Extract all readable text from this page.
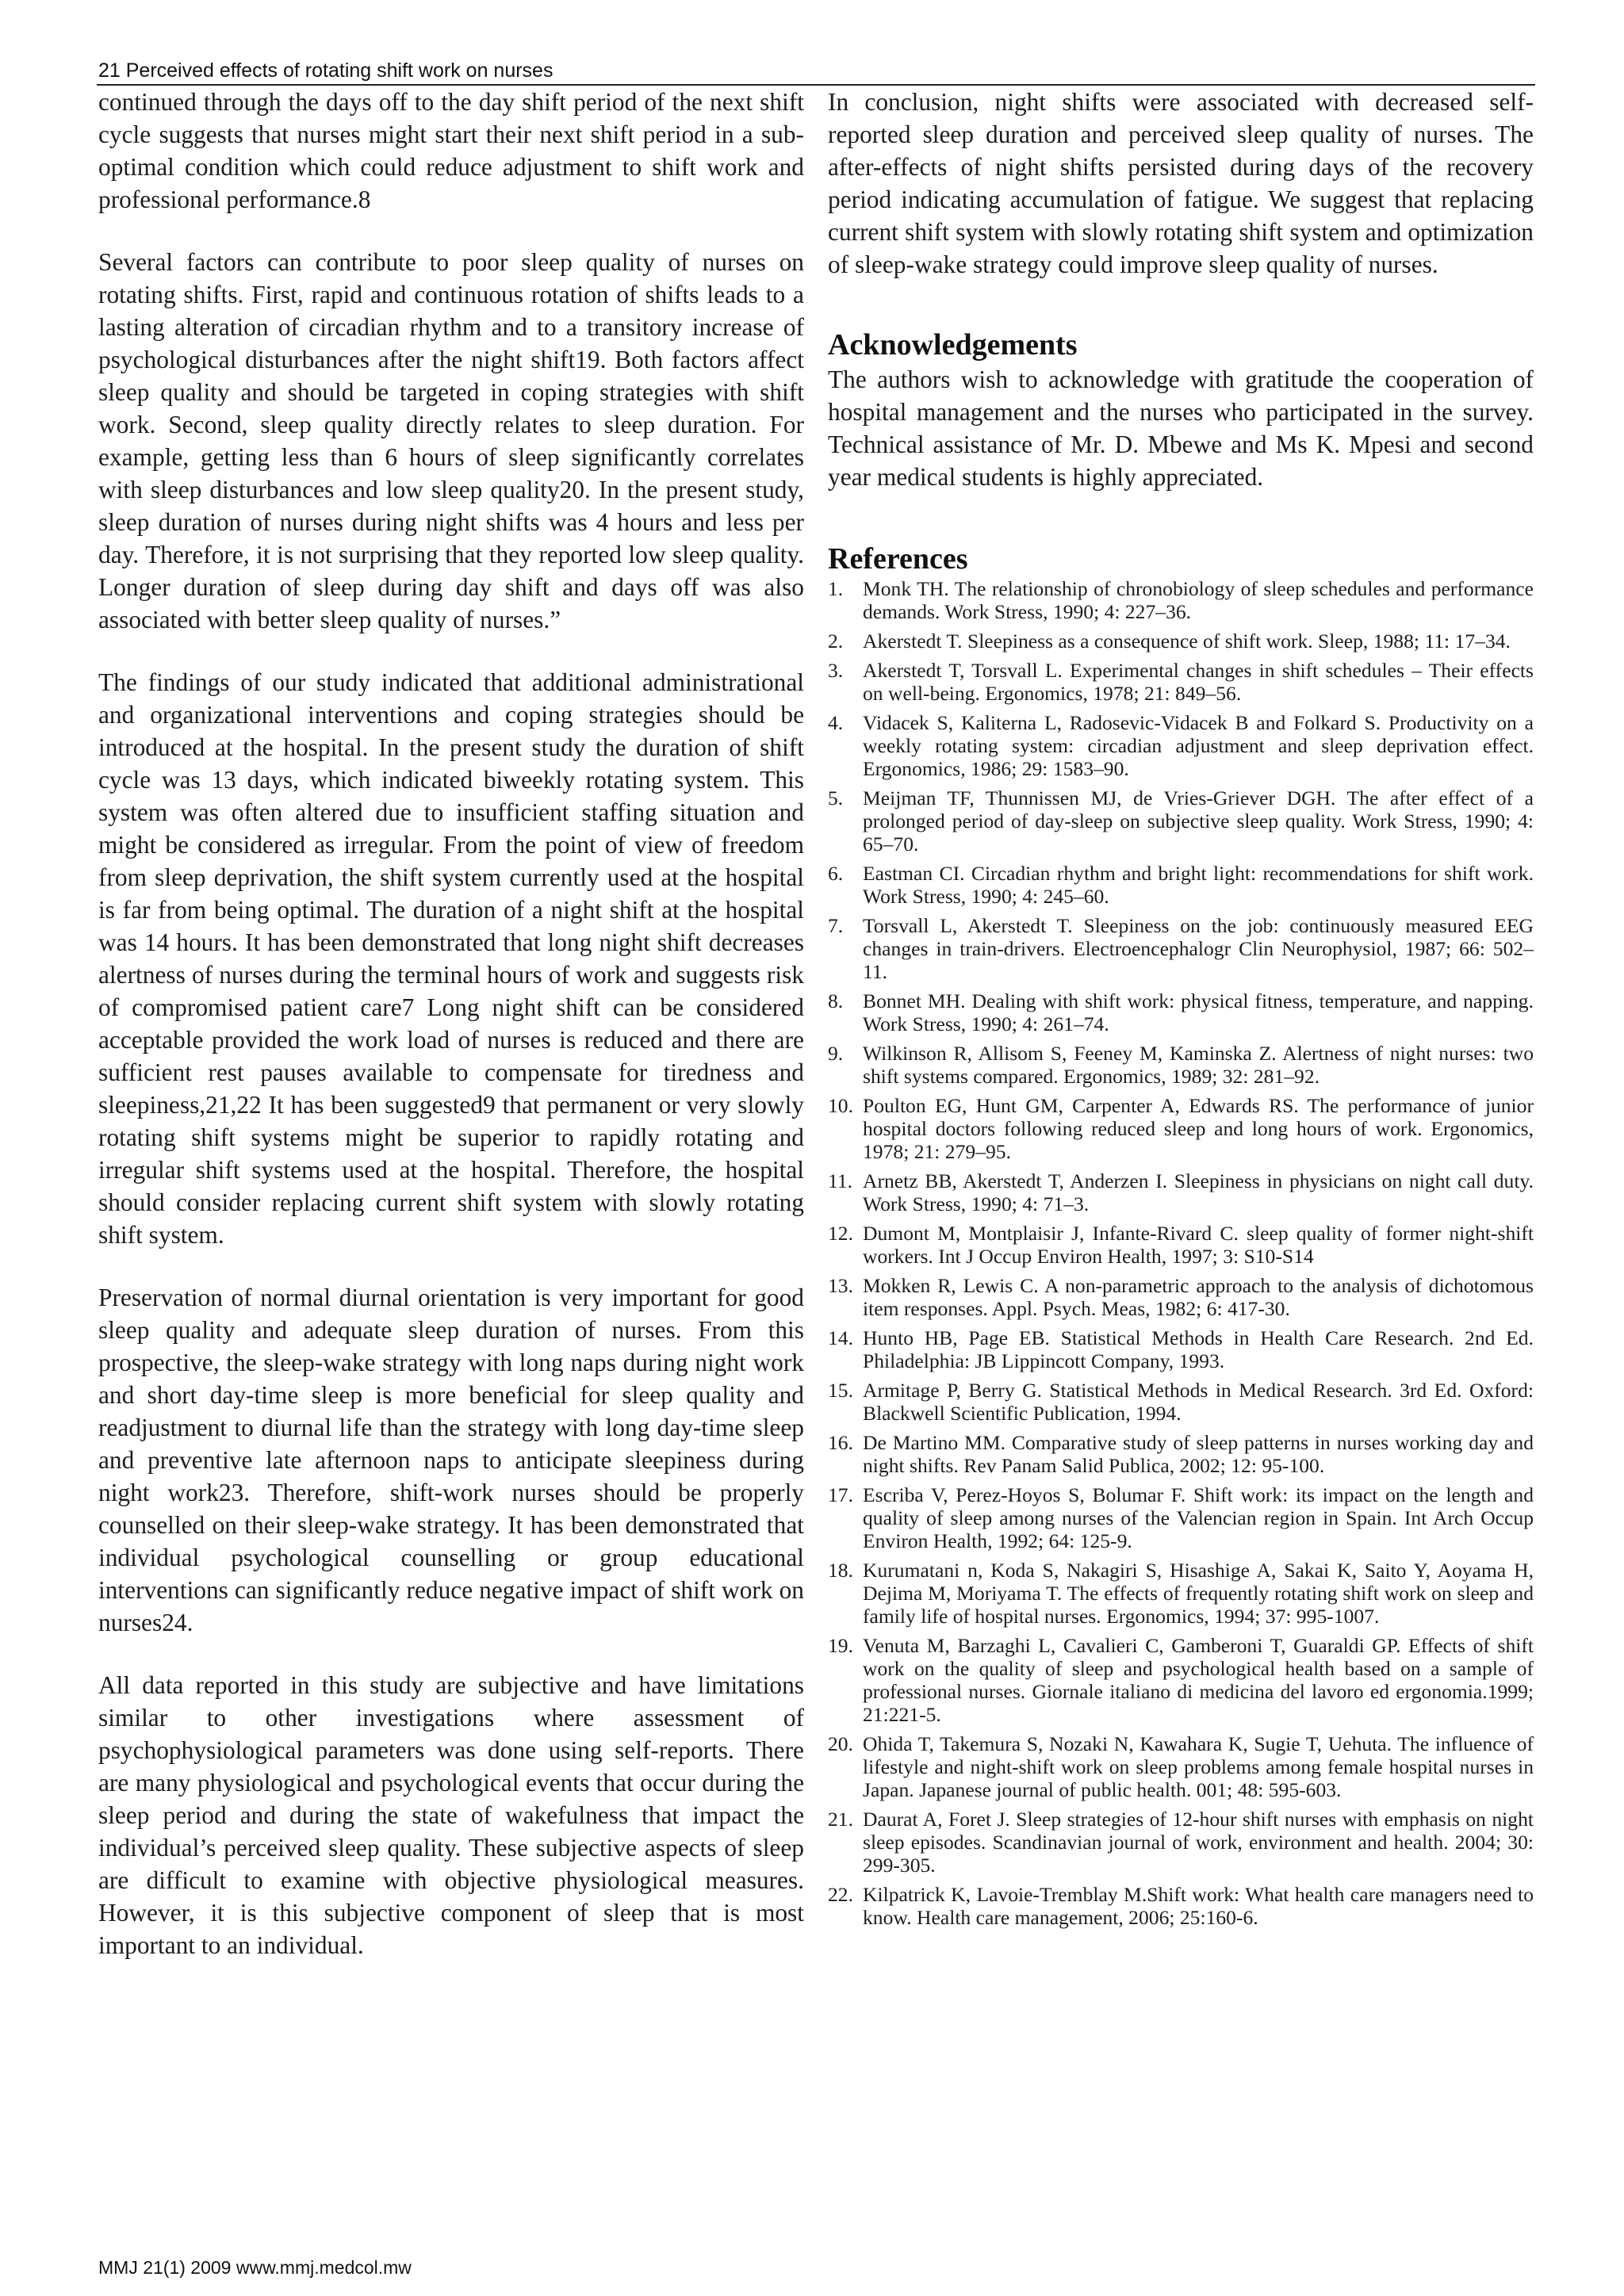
21 Perceived effects of rotating shift work on nurses

continued through the days off to the day shift period of the next shift cycle suggests that nurses might start their next shift period in a sub-optimal condition which could reduce adjustment to shift work and professional performance.8

Several factors can contribute to poor sleep quality of nurses on rotating shifts. First, rapid and continuous rotation of shifts leads to a lasting alteration of circadian rhythm and to a transitory increase of psychological disturbances after the night shift19. Both factors affect sleep quality and should be targeted in coping strategies with shift work. Second, sleep quality directly relates to sleep duration. For example, getting less than 6 hours of sleep significantly correlates with sleep disturbances and low sleep quality20. In the present study, sleep duration of nurses during night shifts was 4 hours and less per day. Therefore, it is not surprising that they reported low sleep quality. Longer duration of sleep during day shift and days off was also associated with better sleep quality of nurses.”

The findings of our study indicated that additional administrational and organizational interventions and coping strategies should be introduced at the hospital. In the present study the duration of shift cycle was 13 days, which indicated biweekly rotating system. This system was often altered due to insufficient staffing situation and might be considered as irregular. From the point of view of freedom from sleep deprivation, the shift system currently used at the hospital is far from being optimal. The duration of a night shift at the hospital was 14 hours. It has been demonstrated that long night shift decreases alertness of nurses during the terminal hours of work and suggests risk of compromised patient care7 Long night shift can be considered acceptable provided the work load of nurses is reduced and there are sufficient rest pauses available to compensate for tiredness and sleepiness,21,22 It has been suggested9 that permanent or very slowly rotating shift systems might be superior to rapidly rotating and irregular shift systems used at the hospital. Therefore, the hospital should consider replacing current shift system with slowly rotating shift system.

Preservation of normal diurnal orientation is very important for good sleep quality and adequate sleep duration of nurses. From this prospective, the sleep-wake strategy with long naps during night work and short day-time sleep is more beneficial for sleep quality and readjustment to diurnal life than the strategy with long day-time sleep and preventive late afternoon naps to anticipate sleepiness during night work23. Therefore, shift-work nurses should be properly counselled on their sleep-wake strategy. It has been demonstrated that individual psychological counselling or group educational interventions can significantly reduce negative impact of shift work on nurses24.

All data reported in this study are subjective and have limitations similar to other investigations where assessment of psychophysiological parameters was done using self-reports. There are many physiological and psychological events that occur during the sleep period and during the state of wakefulness that impact the individual’s perceived sleep quality. These subjective aspects of sleep are difficult to examine with objective physiological measures. However, it is this subjective component of sleep that is most important to an individual.

In conclusion, night shifts were associated with decreased self-reported sleep duration and perceived sleep quality of nurses. The after-effects of night shifts persisted during days of the recovery period indicating accumulation of fatigue. We suggest that replacing current shift system with slowly rotating shift system and optimization of sleep-wake strategy could improve sleep quality of nurses.

Acknowledgements

The authors wish to acknowledge with gratitude the cooperation of hospital management and the nurses who participated in the survey. Technical assistance of Mr. D. Mbewe and Ms K. Mpesi and second year medical students is highly appreciated.

References
1. Monk TH. The relationship of chronobiology of sleep schedules and performance demands. Work Stress, 1990; 4: 227–36.
2. Akerstedt T. Sleepiness as a consequence of shift work. Sleep, 1988; 11: 17–34.
3. Akerstedt T, Torsvall L. Experimental changes in shift schedules – Their effects on well-being. Ergonomics, 1978; 21: 849–56.
4. Vidacek S, Kaliterna L, Radosevic-Vidacek B and Folkard S. Productivity on a weekly rotating system: circadian adjustment and sleep deprivation effect. Ergonomics, 1986; 29: 1583–90.
5. Meijman TF, Thunnissen MJ, de Vries-Griever DGH. The after effect of a prolonged period of day-sleep on subjective sleep quality. Work Stress, 1990; 4: 65–70.
6. Eastman CI. Circadian rhythm and bright light: recommendations for shift work. Work Stress, 1990; 4: 245–60.
7. Torsvall L, Akerstedt T. Sleepiness on the job: continuously measured EEG changes in train-drivers. Electroencephalogr Clin Neurophysiol, 1987; 66: 502–11.
8. Bonnet MH. Dealing with shift work: physical fitness, temperature, and napping. Work Stress, 1990; 4: 261–74.
9. Wilkinson R, Allisom S, Feeney M, Kaminska Z. Alertness of night nurses: two shift systems compared. Ergonomics, 1989; 32: 281–92.
10. Poulton EG, Hunt GM, Carpenter A, Edwards RS. The performance of junior hospital doctors following reduced sleep and long hours of work. Ergonomics, 1978; 21: 279–95.
11. Arnetz BB, Akerstedt T, Anderzen I. Sleepiness in physicians on night call duty. Work Stress, 1990; 4: 71–3.
12. Dumont M, Montplaisir J, Infante-Rivard C. sleep quality of former night-shift workers. Int J Occup Environ Health, 1997; 3: S10-S14
13. Mokken R, Lewis C. A non-parametric approach to the analysis of dichotomous item responses. Appl. Psych. Meas, 1982; 6: 417-30.
14. Hunto HB, Page EB. Statistical Methods in Health Care Research. 2nd Ed. Philadelphia: JB Lippincott Company, 1993.
15. Armitage P, Berry G. Statistical Methods in Medical Research. 3rd Ed. Oxford: Blackwell Scientific Publication, 1994.
16. De Martino MM. Comparative study of sleep patterns in nurses working day and night shifts. Rev Panam Salid Publica, 2002; 12: 95-100.
17. Escriba V, Perez-Hoyos S, Bolumar F. Shift work: its impact on the length and quality of sleep among nurses of the Valencian region in Spain. Int Arch Occup Environ Health, 1992; 64: 125-9.
18. Kurumatani n, Koda S, Nakagiri S, Hisashige A, Sakai K, Saito Y, Aoyama H, Dejima M, Moriyama T. The effects of frequently rotating shift work on sleep and family life of hospital nurses. Ergonomics, 1994; 37: 995-1007.
19. Venuta M, Barzaghi L, Cavalieri C, Gamberoni T, Guaraldi GP. Effects of shift work on the quality of sleep and psychological health based on a sample of professional nurses. Giornale italiano di medicina del lavoro ed ergonomia.1999; 21:221-5.
20. Ohida T, Takemura S, Nozaki N, Kawahara K, Sugie T, Uehuta. The influence of lifestyle and night-shift work on sleep problems among female hospital nurses in Japan. Japanese journal of public health. 001; 48: 595-603.
21. Daurat A, Foret J. Sleep strategies of 12-hour shift nurses with emphasis on night sleep episodes. Scandinavian journal of work, environment and health. 2004; 30: 299-305.
22. Kilpatrick K, Lavoie-Tremblay M.Shift work: What health care managers need to know. Health care management, 2006; 25:160-6.
MMJ 21(1) 2009 www.mmj.medcol.mw
